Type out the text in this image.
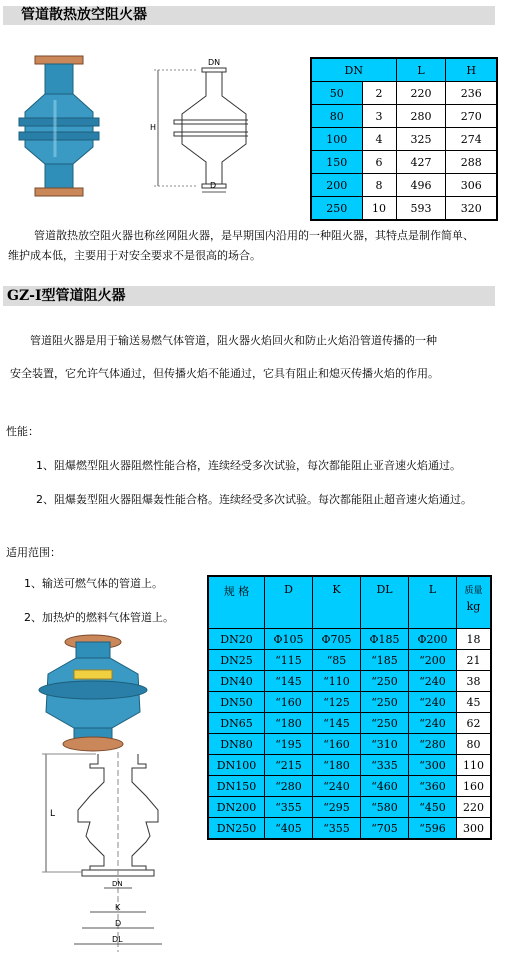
管道散热放空阻火器
DN
H
D
DN		L	H
50	2	220	236
80	3	280	270
100	4	325	274
150	6	427	288
200	8	496	306
250	10	593	320
管道散热放空阻火器也称丝网阻火器，是早期国内沿用的一种阻火器，其特点是制作简单、
维护成本低，主要用于对安全要求不是很高的场合。
GZ-I型管道阻火器
管道阻火器是用于输送易燃气体管道，阻火器火焰回火和防止火焰沿管道传播的一种
安全装置，它允许气体通过，但传播火焰不能通过，它具有阻止和熄灭传播火焰的作用。
性能：
1、阻爆燃型阻火器阻燃性能合格，连续经受多次试验，每次都能阻止亚音速火焰通过。
2、阻爆轰型阻火器阻爆轰性能合格。连续经受多次试验。每次都能阻止超音速火焰通过。
适用范围：
1、输送可燃气体的管道上。
2、加热炉的燃料气体管道上。
L
DN
K
D
DL
规 格	D	K	DL	L	质量
kg

DN20	Φ105	Φ705	Φ185	Φ200	18
DN25	“115	“85	“185	“200	21
DN40	“145	“110	“250	“240	38
DN50	“160	“125	“250	“240	45
DN65	“180	“145	“250	“240	62
DN80	“195	“160	“310	“280	80
DN100	“215	“180	“335	“300	110
DN150	“280	“240	“460	“360	160
DN200	“355	“295	“580	“450	220
DN250	“405	“355	“705	“596	300
